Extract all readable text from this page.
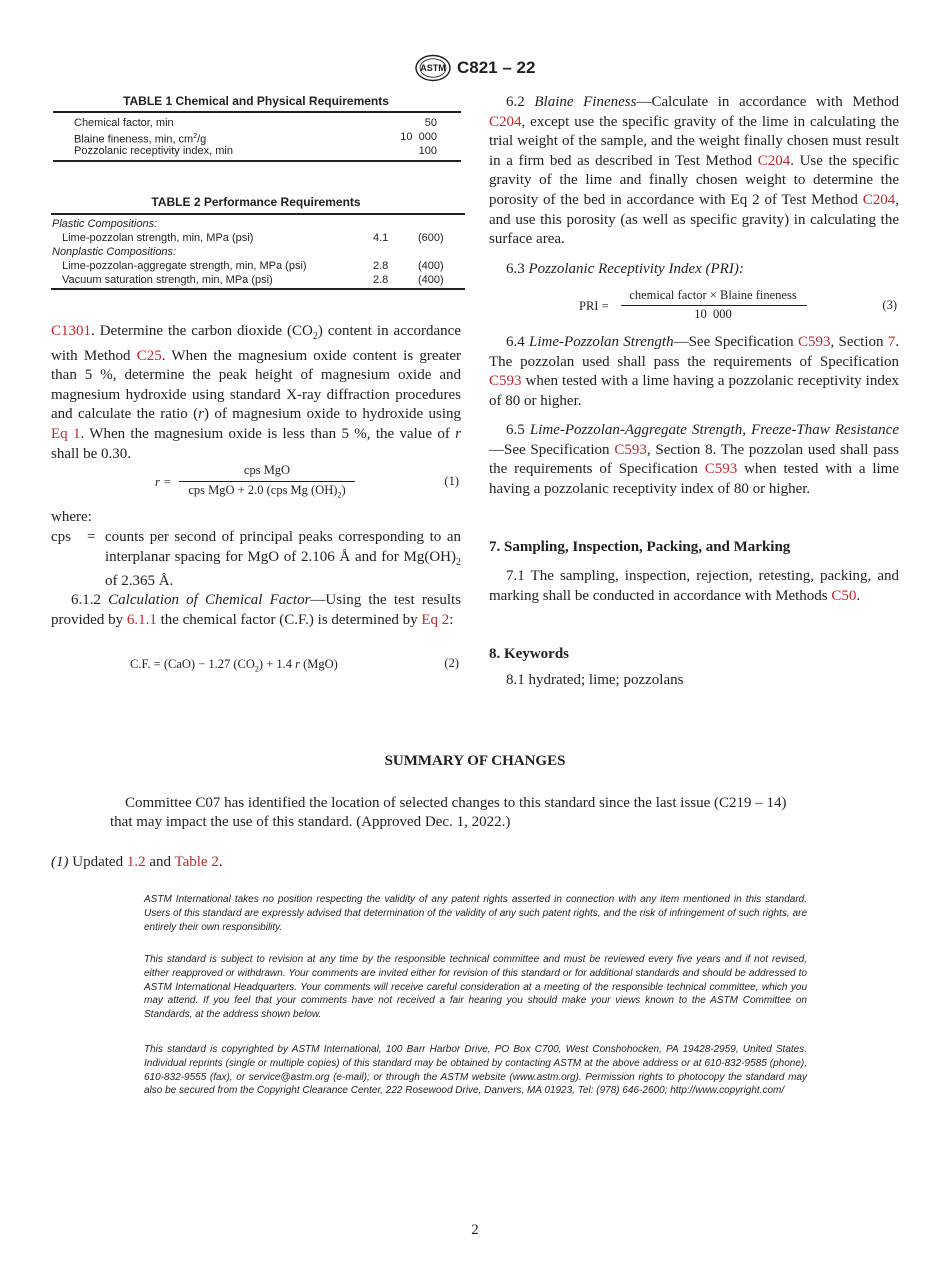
ASTM C821 – 22
TABLE 1 Chemical and Physical Requirements
Chemical factor, min	50
Blaine fineness, min, $cm^2/g$	10  000
Pozzolanic receptivity index, min	100
TABLE 2 Performance Requirements
Plastic Compositions:
Lime-pozzolan strength, min, MPa (psi)	4.1	(600)
Nonplastic Compositions:
Lime-pozzolan-aggregate strength, min, MPa (psi)	2.8	(400)
Vacuum saturation strength, min, MPa (psi)	2.8	(400)
C1301. Determine the carbon dioxide $(CO_2)$ content in accordance with Method C25. When the magnesium oxide content is greater than 5 %, determine the peak height of magnesium oxide and magnesium hydroxide using standard X-ray diffraction procedures and calculate the ratio (r) of magnesium oxide to hydroxide using Eq 1. When the magnesium oxide is less than 5 %, the value of r shall be 0.30.
r =
cps MgO
cps MgO + 2.0 (cps Mg $(OH)_2$)
(1)
where:
cps = counts per second of principal peaks corresponding to an interplanar spacing for MgO of 2.106 Å and for $Mg(OH)_2$ of 2.365 Å.
6.1.2 Calculation of Chemical Factor—Using the test results provided by 6.1.1 the chemical factor (C.F.) is determined by Eq 2:
C.F. = (CaO) − 1.27 $(CO_2) + 1.4$ r (MgO)	(2)
6.2 Blaine Fineness—Calculate in accordance with Method C204, except use the specific gravity of the lime in calculating the trial weight of the sample, and the weight finally chosen must result in a firm bed as described in Test Method C204. Use the specific gravity of the lime and finally chosen weight to determine the porosity of the bed in accordance with Eq 2 of Test Method C204, and use this porosity (as well as specific gravity) in calculating the surface area.
6.3 Pozzolanic Receptivity Index (PRI):
PRI =
chemical factor × Blaine fineness
10  000
(3)
6.4 Lime-Pozzolan Strength—See Specification C593, Section 7. The pozzolan used shall pass the requirements of Specification C593 when tested with a lime having a pozzolanic receptivity index of 80 or higher.
6.5 Lime-Pozzolan-Aggregate Strength, Freeze-Thaw Resistance—See Specification C593, Section 8. The pozzolan used shall pass the requirements of Specification C593 when tested with a lime having a pozzolanic receptivity index of 80 or higher.
7. Sampling, Inspection, Packing, and Marking
7.1 The sampling, inspection, rejection, retesting, packing, and marking shall be conducted in accordance with Methods C50.
8. Keywords
8.1 hydrated; lime; pozzolans
SUMMARY OF CHANGES
Committee C07 has identified the location of selected changes to this standard since the last issue (C219 – 14)
that may impact the use of this standard. (Approved Dec. 1, 2022.)
(1) Updated 1.2 and Table 2.
ASTM International takes no position respecting the validity of any patent rights asserted in connection with any item mentioned in this standard. Users of this standard are expressly advised that determination of the validity of any such patent rights, and the risk of infringement of such rights, are entirely their own responsibility.
This standard is subject to revision at any time by the responsible technical committee and must be reviewed every five years and if not revised, either reapproved or withdrawn. Your comments are invited either for revision of this standard or for additional standards and should be addressed to ASTM International Headquarters. Your comments will receive careful consideration at a meeting of the responsible technical committee, which you may attend. If you feel that your comments have not received a fair hearing you should make your views known to the ASTM Committee on Standards, at the address shown below.
This standard is copyrighted by ASTM International, 100 Barr Harbor Drive, PO Box C700, West Conshohocken, PA 19428-2959, United States. Individual reprints (single or multiple copies) of this standard may be obtained by contacting ASTM at the above address or at 610-832-9585 (phone), 610-832-9555 (fax), or service@astm.org (e-mail); or through the ASTM website (www.astm.org). Permission rights to photocopy the standard may also be secured from the Copyright Clearance Center, 222 Rosewood Drive, Danvers, MA 01923, Tel: (978) 646-2600; http://www.copyright.com/
2
